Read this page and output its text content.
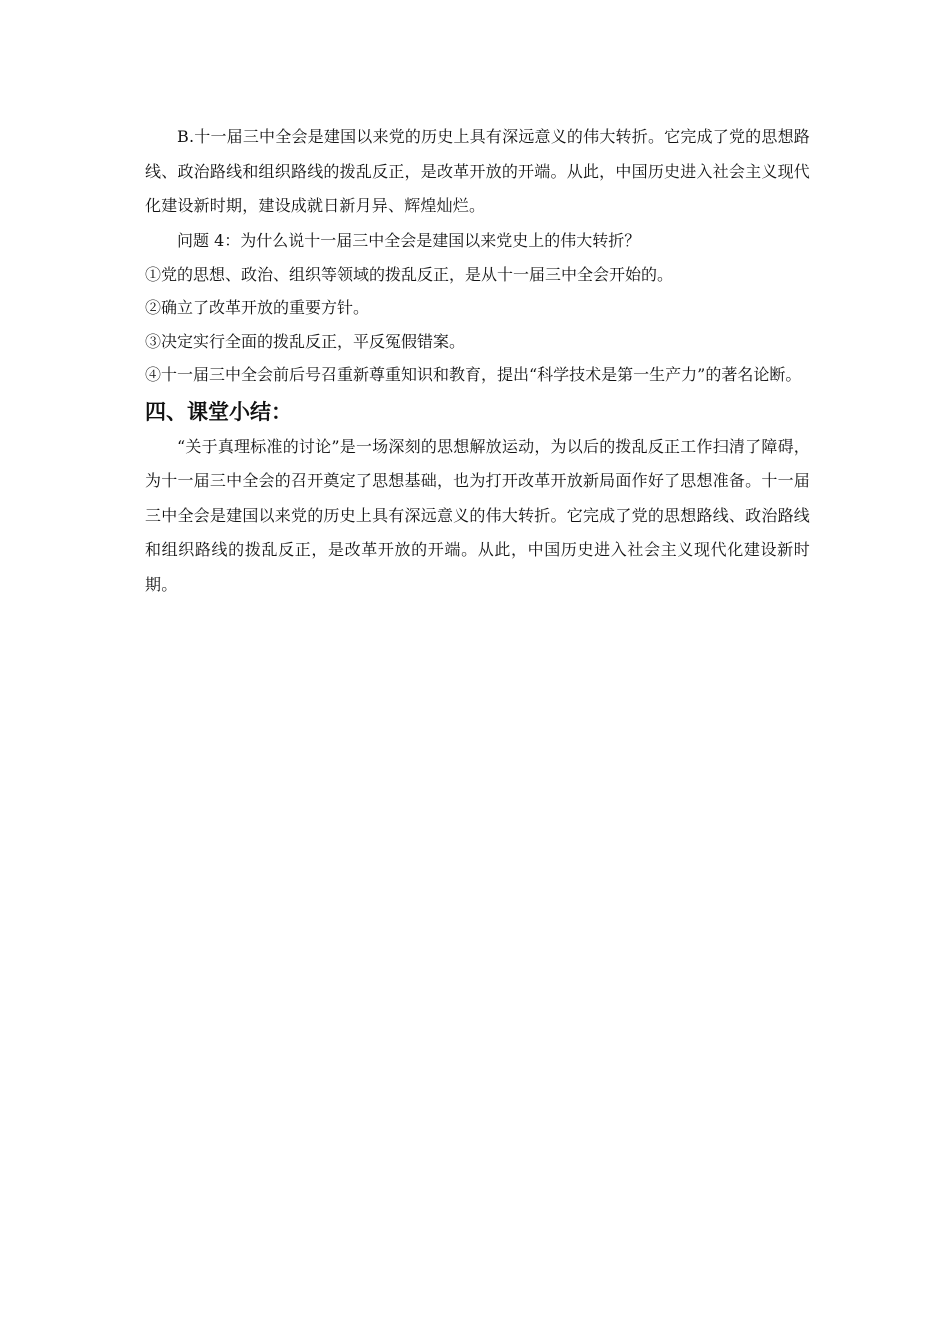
B.十一届三中全会是建国以来党的历史上具有深远意义的伟大转折。它完成了党的思想路线、政治路线和组织路线的拨乱反正，是改革开放的开端。从此，中国历史进入社会主义现代化建设新时期，建设成就日新月异、辉煌灿烂。

问题 4：为什么说十一届三中全会是建国以来党史上的伟大转折？

①党的思想、政治、组织等领域的拨乱反正，是从十一届三中全会开始的。

②确立了改革开放的重要方针。

③决定实行全面的拨乱反正，平反冤假错案。

④十一届三中全会前后号召重新尊重知识和教育，提出“科学技术是第一生产力”的著名论断。

四、课堂小结：

“关于真理标准的讨论”是一场深刻的思想解放运动，为以后的拨乱反正工作扫清了障碍，为十一届三中全会的召开奠定了思想基础，也为打开改革开放新局面作好了思想准备。十一届三中全会是建国以来党的历史上具有深远意义的伟大转折。它完成了党的思想路线、政治路线和组织路线的拨乱反正，是改革开放的开端。从此，中国历史进入社会主义现代化建设新时期。
